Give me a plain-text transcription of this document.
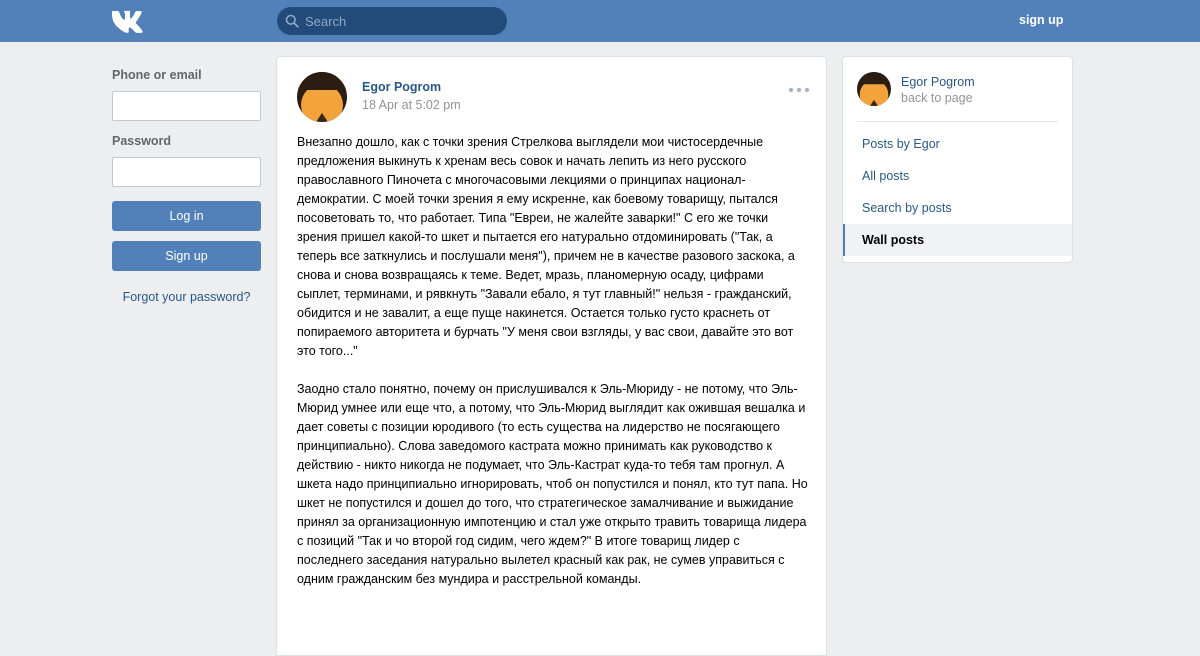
Search
sign up
Phone or email
Password
Log in
Sign up
Forgot your password?
Egor Pogrom
18 Apr at 5:02 pm

Внезапно дошло, как с точки зрения Стрелкова выглядели мои чистосердечные предложения выкинуть к хренам весь совок и начать лепить из него русского православного Пиночета с многочасовыми лекциями о принципах национал-демократии. С моей точки зрения я ему искренне, как боевому товарищу, пытался посоветовать то, что работает. Типа "Евреи, не жалейте заварки!" С его же точки зрения пришел какой-то шкет и пытается его натурально отдоминировать ("Так, а теперь все заткнулись и послушали меня"), причем не в качестве разового заскока, а снова и снова возвращаясь к теме. Ведет, мразь, планомерную осаду, цифрами сыплет, терминами, и рявкнуть "Завали ебало, я тут главный!" нельзя - гражданский, обидится и не завалит, а еще пуще накинется. Остается только густо краснеть от попираемого авторитета и бурчать "У меня свои взгляды, у вас свои, давайте это вот это того..."

Заодно стало понятно, почему он прислушивался к Эль-Мюриду - не потому, что Эль-Мюрид умнее или еще что, а потому, что Эль-Мюрид выглядит как ожившая вешалка и дает советы с позиции юродивого (то есть существа на лидерство не посягающего принципиально). Слова заведомого кастрата можно принимать как руководство к действию - никто никогда не подумает, что Эль-Кастрат куда-то тебя там прогнул. А шкета надо принципиально игнорировать, чтоб он попустился и понял, кто тут папа. Но шкет не попустился и дошел до того, что стратегическое замалчивание и выжидание принял за организационную импотенцию и стал уже открыто травить товарища лидера с позиций "Так и чо второй год сидим, чего ждем?" В итоге товарищ лидер с последнего заседания натурально вылетел красный как рак, не сумев управиться с одним гражданским без мундира и расстрельной команды.

Egor Pogrom
back to page
Posts by Egor
All posts
Search by posts
Wall posts
